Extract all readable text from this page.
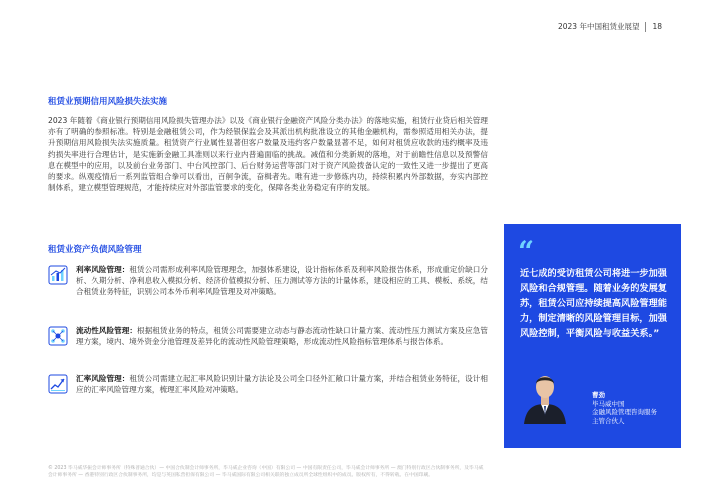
2023 年中国租赁业展望 18
租赁业预期信用风险损失法实施
2023 年随着《商业银行预期信用风险损失管理办法》以及《商业银行金融资产风险分类办法》的落地实施，租赁行业贷后相关管理亦有了明确的参照标准。特别是金融租赁公司，作为经银保监会及其派出机构批准设立的其他金融机构，需参照适用相关办法，提升预期信用风险损失法实施质量。租赁资产行业属性显著但客户数量及违约客户数量显著不足，如何对租赁应收款的违约概率及违约损失率进行合理估计，是实施新金融工具准则以来行业内普遍面临的挑战。减值和分类新规的落地，对于前瞻性信息以及预警信息在模型中的应用，以及前台业务部门、中台风控部门、后台财务运营等部门对于资产风险拨备认定的一致性又进一步提出了更高的要求。纵观疫情后一系列监管组合拳可以看出，百舸争流，奋楫者先。唯有进一步修炼内功，持续积累内外部数据，夯实内部控制体系，建立模型管理规范，才能持续应对外部监管要求的变化，保障各类业务稳定有序的发展。
租赁业资产负债风险管理
利率风险管理：租赁公司需形成利率风险管理理念，加强体系建设，设计指标体系及利率风险报告体系，形成重定价缺口分析、久期分析、净利息收入模拟分析、经济价值模拟分析、压力测试等方法的计量体系，建设相应的工具、模板、系统，结合租赁业务特征，识别公司本外币利率风险管理及对冲策略。
流动性风险管理：根据租赁业务的特点，租赁公司需要建立动态与静态流动性缺口计量方案、流动性压力测试方案及应急管理方案，境内、境外资金分池管理及差异化的流动性风险管理策略，形成流动性风险指标管理体系与报告体系。
汇率风险管理：租赁公司需建立起汇率风险识别计量方法论及公司全口径外汇敞口计量方案，并结合租赁业务特征，设计相应的汇率风险管理方案，梳理汇率风险对冲策略。
“
近七成的受访租赁公司将进一步加强风险和合规管理。随着业务的发展复苏，租赁公司应持续提高风险管理能力，制定清晰的风险管理目标，加强风险控制，平衡风险与收益关系。”
曹劲
毕马威中国
金融风险管理咨询服务
主管合伙人
© 2023 毕马威华振会计师事务所（特殊普通合伙）— 中国合伙制会计师事务所，毕马威企业咨询（中国）有限公司 — 中国有限责任公司，毕马威会计师事务所 — 澳门特别行政区合伙制事务所，及毕马威会计师事务所 — 香港特别行政区合伙制事务所，均是与英国私营担保有限公司 — 毕马威国际有限公司相关联的独立成员所全球性组织中的成员。版权所有，不得转载。在中国印刷。
